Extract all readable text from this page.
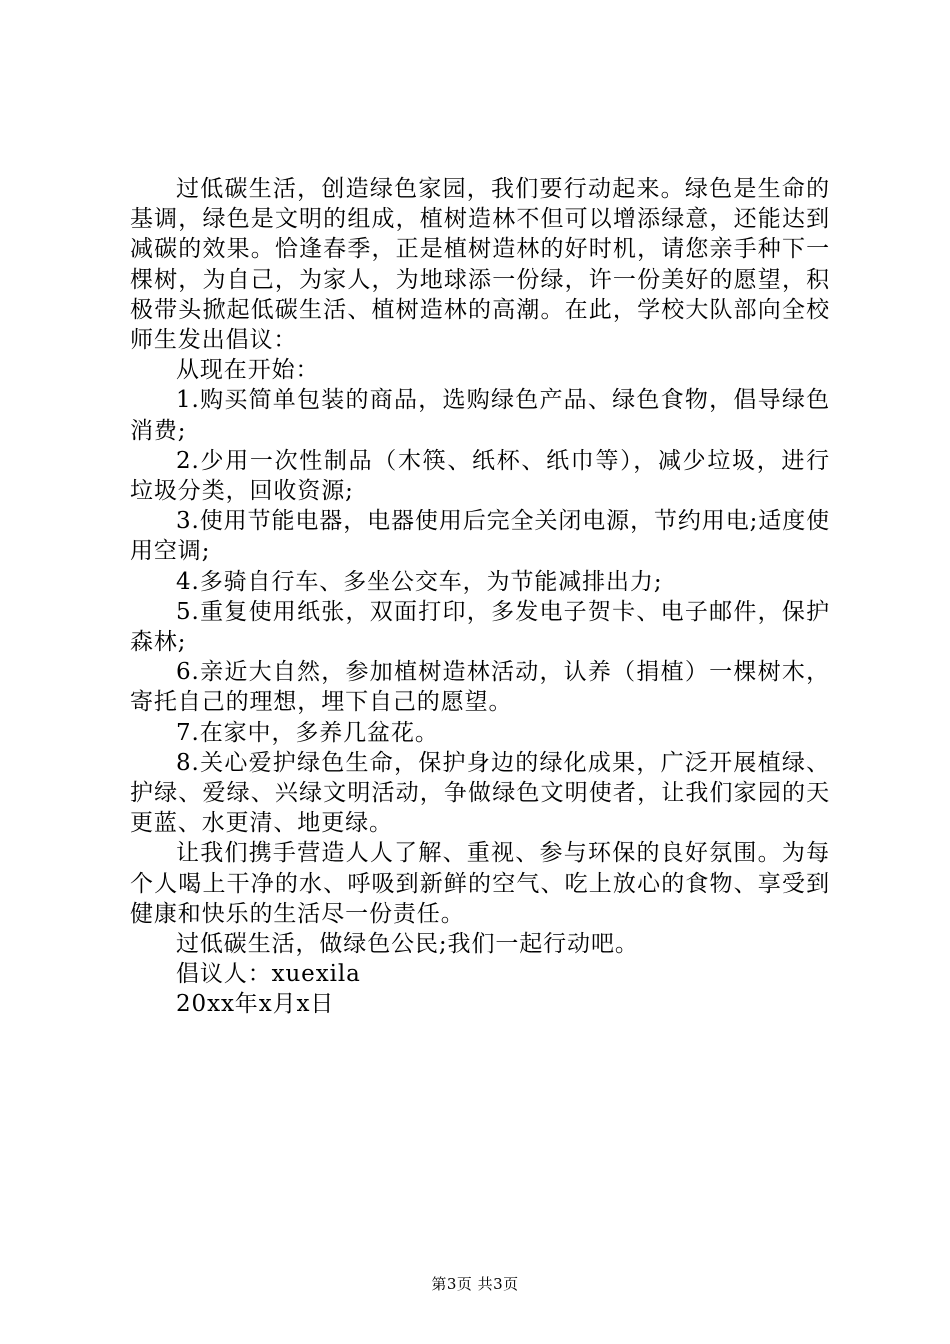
过低碳生活，创造绿色家园，我们要行动起来。绿色是生命的基调，绿色是文明的组成，植树造林不但可以增添绿意，还能达到减碳的效果。恰逢春季，正是植树造林的好时机，请您亲手种下一棵树，为自己，为家人，为地球添一份绿，许一份美好的愿望，积极带头掀起低碳生活、植树造林的高潮。在此，学校大队部向全校师生发出倡议：

从现在开始：

1.购买简单包装的商品，选购绿色产品、绿色食物，倡导绿色消费;

2.少用一次性制品（木筷、纸杯、纸巾等），减少垃圾，进行垃圾分类，回收资源;

3.使用节能电器，电器使用后完全关闭电源，节约用电;适度使用空调;

4.多骑自行车、多坐公交车，为节能减排出力;

5.重复使用纸张，双面打印，多发电子贺卡、电子邮件，保护森林;

6.亲近大自然，参加植树造林活动，认养（捐植）一棵树木，寄托自己的理想，埋下自己的愿望。

7.在家中，多养几盆花。

8.关心爱护绿色生命，保护身边的绿化成果，广泛开展植绿、护绿、爱绿、兴绿文明活动，争做绿色文明使者，让我们家园的天更蓝、水更清、地更绿。

让我们携手营造人人了解、重视、参与环保的良好氛围。为每个人喝上干净的水、呼吸到新鲜的空气、吃上放心的食物、享受到健康和快乐的生活尽一份责任。

过低碳生活，做绿色公民;我们一起行动吧。

倡议人：xuexila

20xx年x月x日

第3页 共3页
